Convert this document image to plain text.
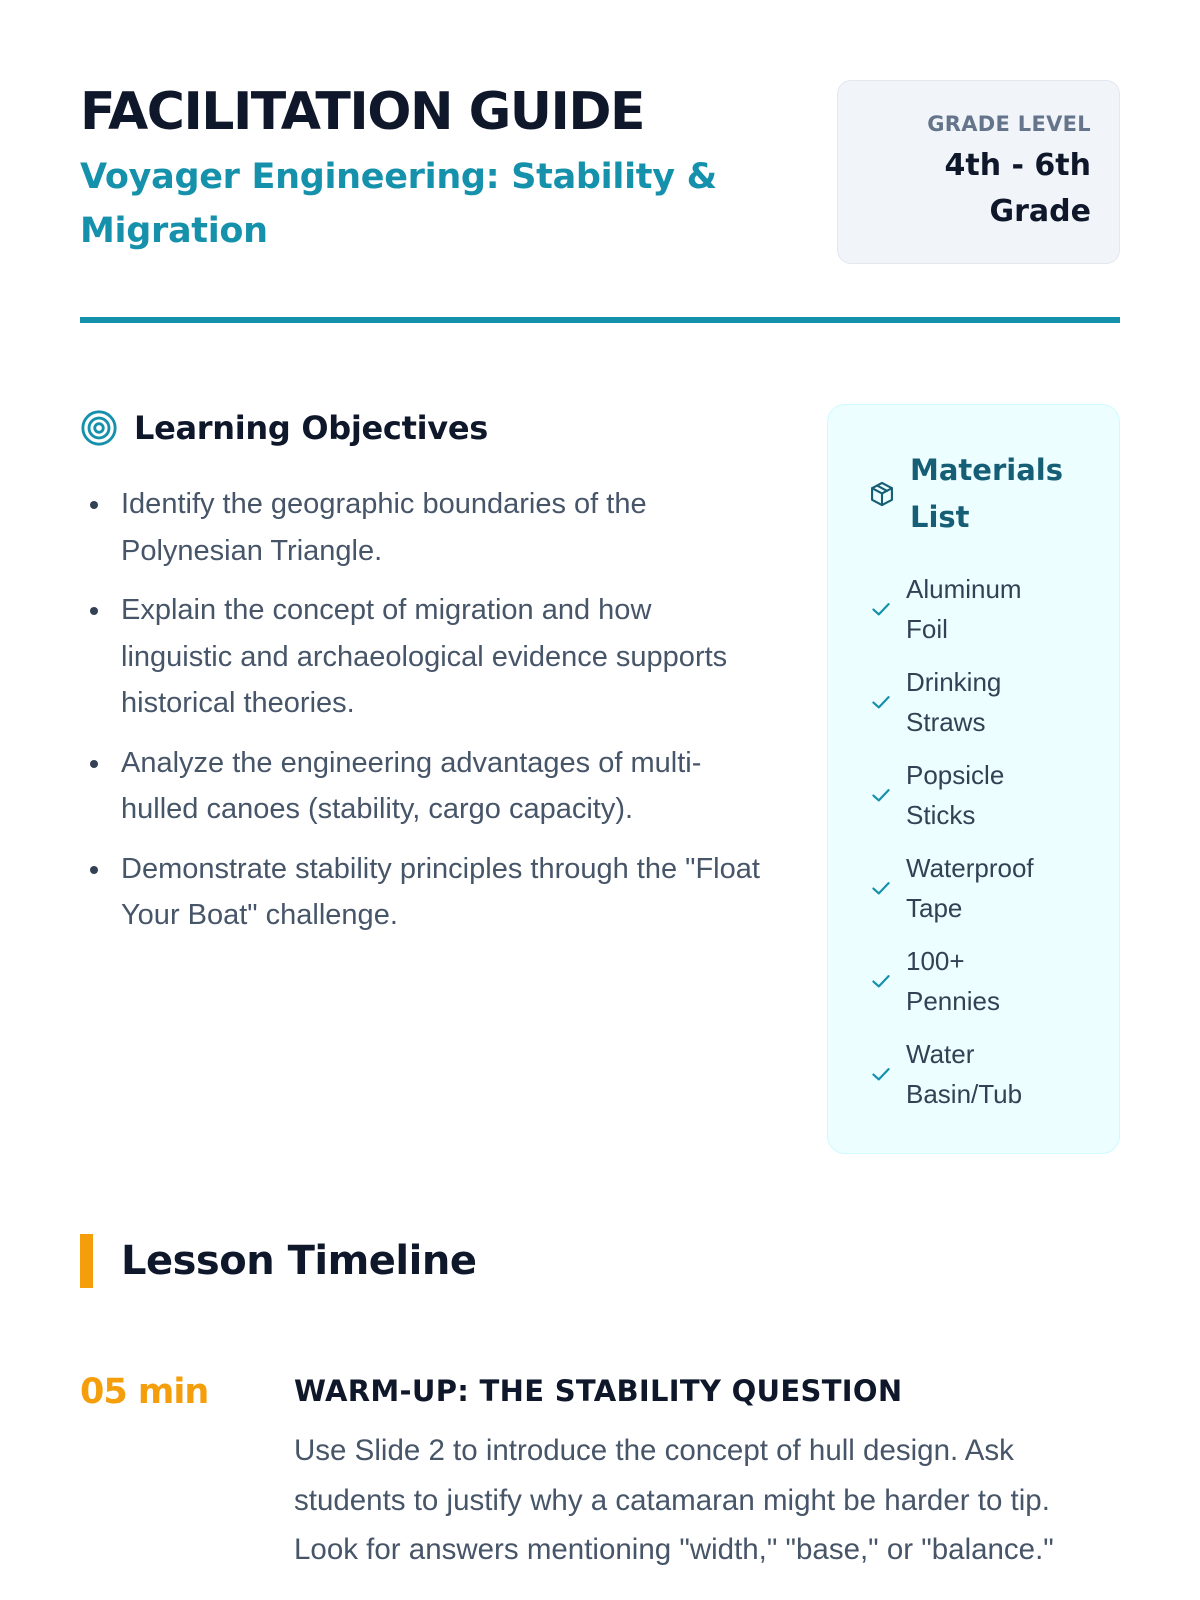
FACILITATION GUIDE
Voyager Engineering: Stability & Migration
GRADE LEVEL
4th - 6th Grade
Learning Objectives
Identify the geographic boundaries of the Polynesian Triangle.
Explain the concept of migration and how linguistic and archaeological evidence supports historical theories.
Analyze the engineering advantages of multi-hulled canoes (stability, cargo capacity).
Demonstrate stability principles through the "Float Your Boat" challenge.
Materials List
Aluminum Foil
Drinking Straws
Popsicle Sticks
Waterproof Tape
100+ Pennies
Water Basin/Tub
Lesson Timeline
05 min	WARM-UP: THE STABILITY QUESTION
Use Slide 2 to introduce the concept of hull design. Ask students to justify why a catamaran might be harder to tip. Look for answers mentioning "width," "base," or "balance."
